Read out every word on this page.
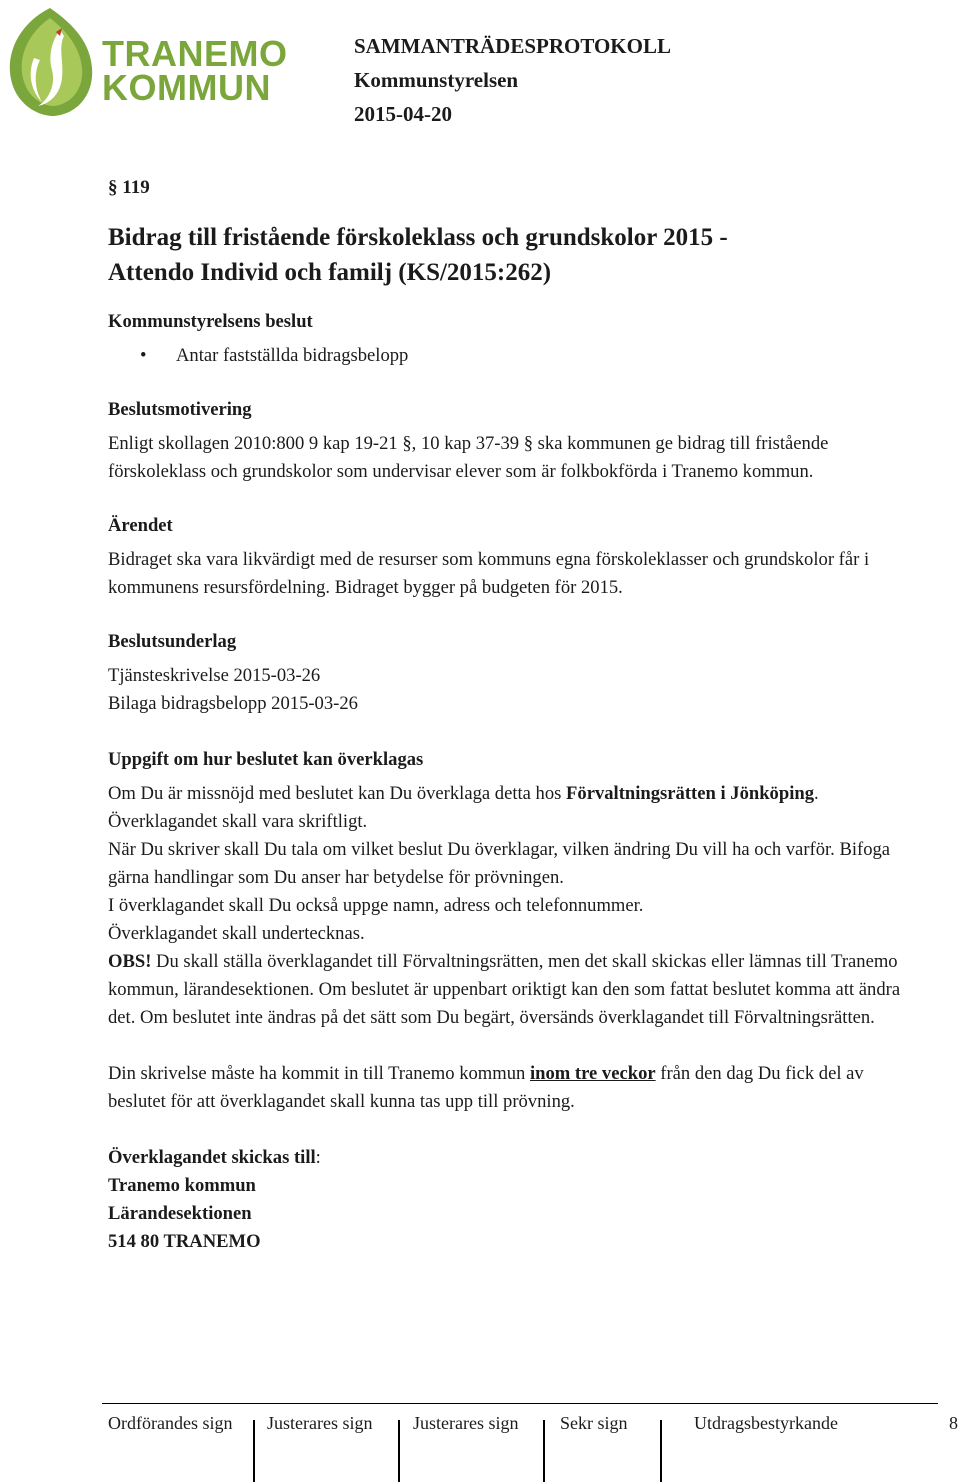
TRANEMO
KOMMUN
SAMMANTRÄDESPROTOKOLL
Kommunstyrelsen
2015-04-20

§ 119

Bidrag till fristående förskoleklass och grundskolor 2015 -
Attendo Individ och familj (KS/2015:262)

Kommunstyrelsens beslut

• Antar fastställda bidragsbelopp

Beslutsmotivering

Enligt skollagen 2010:800 9 kap 19-21 §, 10 kap 37-39 § ska kommunen ge bidrag till fristående förskoleklass och grundskolor som undervisar elever som är folkbokförda i Tranemo kommun.

Ärendet

Bidraget ska vara likvärdigt med de resurser som kommuns egna förskoleklasser och grundskolor får i kommunens resursfördelning. Bidraget bygger på budgeten för 2015.

Beslutsunderlag

Tjänsteskrivelse 2015-03-26

Bilaga bidragsbelopp 2015-03-26

Uppgift om hur beslutet kan överklagas

Om Du är missnöjd med beslutet kan Du överklaga detta hos Förvaltningsrätten i Jönköping. Överklagandet skall vara skriftligt.

När Du skriver skall Du tala om vilket beslut Du överklagar, vilken ändring Du vill ha och varför. Bifoga gärna handlingar som Du anser har betydelse för prövningen.

I överklagandet skall Du också uppge namn, adress och telefonnummer.

Överklagandet skall undertecknas.

OBS! Du skall ställa överklagandet till Förvaltningsrätten, men det skall skickas eller lämnas till Tranemo kommun, lärandesektionen. Om beslutet är uppenbart oriktigt kan den som fattat beslutet komma att ändra det. Om beslutet inte ändras på det sätt som Du begärt, översänds överklagandet till Förvaltningsrätten.

Din skrivelse måste ha kommit in till Tranemo kommun inom tre veckor från den dag Du fick del av beslutet för att överklagandet skall kunna tas upp till prövning.

Överklagandet skickas till:

Tranemo kommun

Lärandesektionen

514 80 TRANEMO

Ordförandes sign Justerares sign Justerares sign Sekr sign	Utdragsbestyrkande	8
